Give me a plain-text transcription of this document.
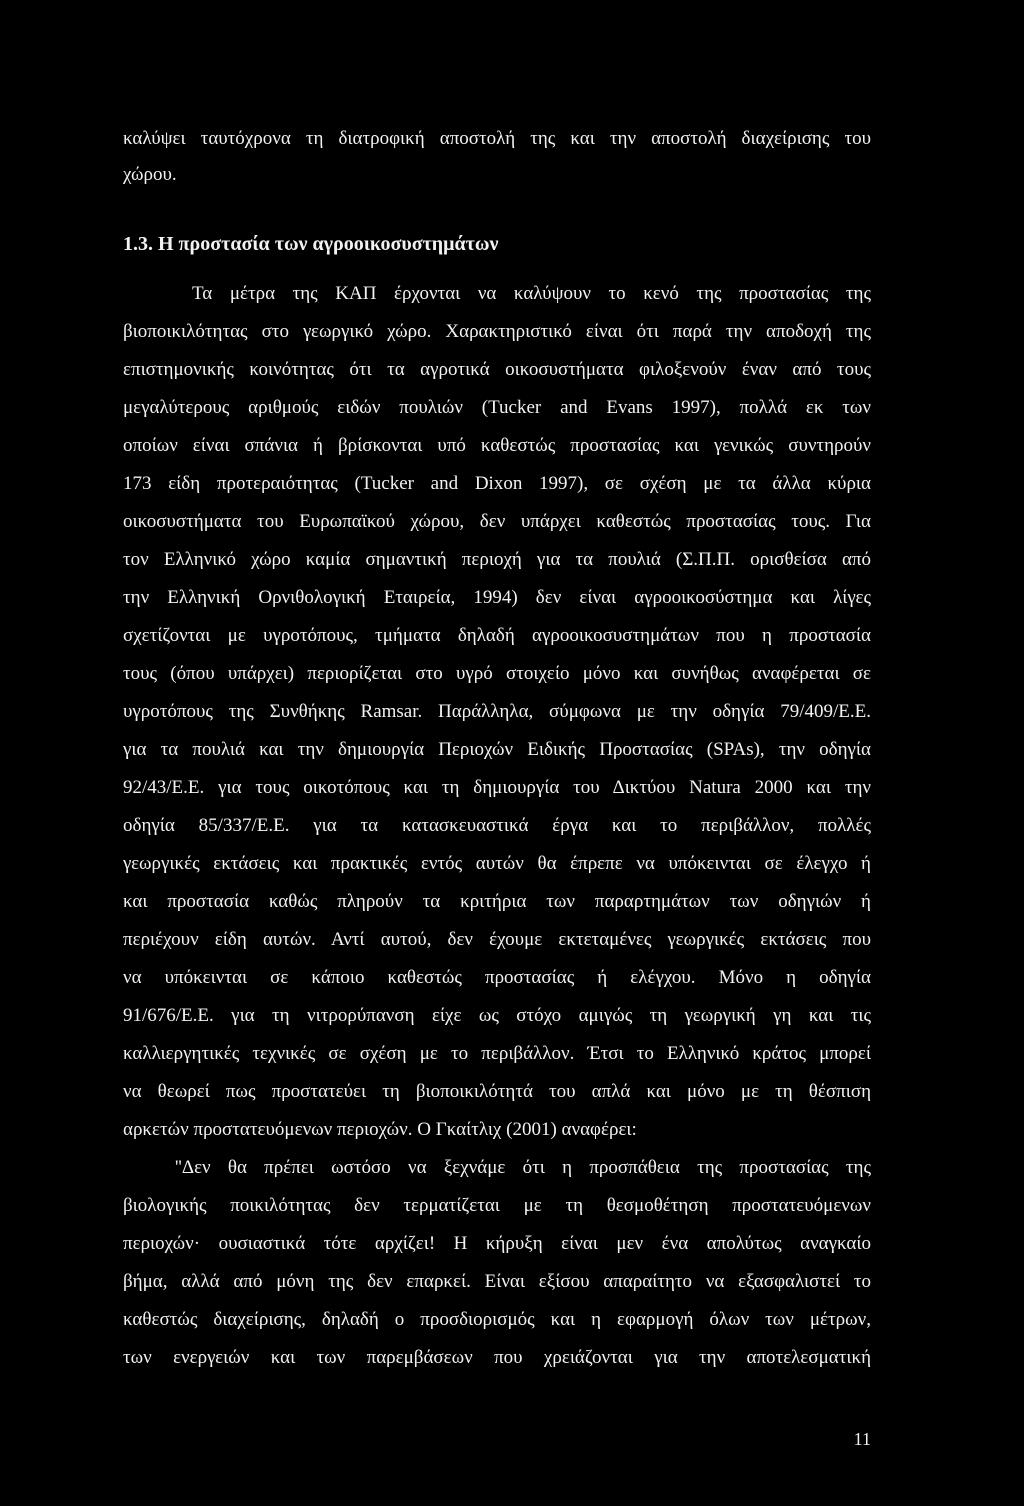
καλύψει ταυτόχρονα τη διατροφική αποστολή της και την αποστολή διαχείρισης του
χώρου.
1.3. Η προστασία των αγροοικοσυστημάτων
Τα μέτρα της ΚΑΠ έρχονται να καλύψουν το κενό της προστασίας της
βιοποικιλότητας στο γεωργικό χώρο. Χαρακτηριστικό είναι ότι παρά την αποδοχή της
επιστημονικής κοινότητας ότι τα αγροτικά οικοσυστήματα φιλοξενούν έναν από τους
μεγαλύτερους αριθμούς ειδών πουλιών (Tucker and Evans 1997), πολλά εκ των
οποίων είναι σπάνια ή βρίσκονται υπό καθεστώς προστασίας και γενικώς συντηρούν
173 είδη προτεραιότητας (Tucker and Dixon 1997), σε σχέση με τα άλλα κύρια
οικοσυστήματα του Ευρωπαϊκού χώρου, δεν υπάρχει καθεστώς προστασίας τους. Για
τον Ελληνικό χώρο καμία σημαντική περιοχή για τα πουλιά (Σ.Π.Π. ορισθείσα από
την Ελληνική Ορνιθολογική Εταιρεία, 1994) δεν είναι αγροοικοσύστημα και λίγες
σχετίζονται με υγροτόπους, τμήματα δηλαδή αγροοικοσυστημάτων που η προστασία
τους (όπου υπάρχει) περιορίζεται στο υγρό στοιχείο μόνο και συνήθως αναφέρεται σε
υγροτόπους της Συνθήκης Ramsar. Παράλληλα, σύμφωνα με την οδηγία 79/409/Ε.Ε.
για τα πουλιά και την δημιουργία Περιοχών Ειδικής Προστασίας (SPAs), την οδηγία
92/43/Ε.Ε. για τους οικοτόπους και τη δημιουργία του Δικτύου Natura 2000 και την
οδηγία 85/337/Ε.Ε. για τα κατασκευαστικά έργα και το περιβάλλον, πολλές
γεωργικές εκτάσεις και πρακτικές εντός αυτών θα έπρεπε να υπόκεινται σε έλεγχο ή
και προστασία καθώς πληρούν τα κριτήρια των παραρτημάτων των οδηγιών ή
περιέχουν είδη αυτών. Αντί αυτού, δεν έχουμε εκτεταμένες γεωργικές εκτάσεις που
να υπόκεινται σε κάποιο καθεστώς προστασίας ή ελέγχου. Μόνο η οδηγία
91/676/Ε.Ε. για τη νιτρορύπανση είχε ως στόχο αμιγώς τη γεωργική γη και τις
καλλιεργητικές τεχνικές σε σχέση με το περιβάλλον. Έτσι το Ελληνικό κράτος μπορεί
να θεωρεί πως προστατεύει τη βιοποικιλότητά του απλά και μόνο με τη θέσπιση
αρκετών προστατευόμενων περιοχών. Ο Γκαίτλιχ (2001) αναφέρει:
''Δεν θα πρέπει ωστόσο να ξεχνάμε ότι η προσπάθεια της προστασίας της
βιολογικής ποικιλότητας δεν τερματίζεται με τη θεσμοθέτηση προστατευόμενων
περιοχών· ουσιαστικά τότε αρχίζει! Η κήρυξη είναι μεν ένα απολύτως αναγκαίο
βήμα, αλλά από μόνη της δεν επαρκεί. Είναι εξίσου απαραίτητο να εξασφαλιστεί το
καθεστώς διαχείρισης, δηλαδή ο προσδιορισμός και η εφαρμογή όλων των μέτρων,
των ενεργειών και των παρεμβάσεων που χρειάζονται για την αποτελεσματική
11
